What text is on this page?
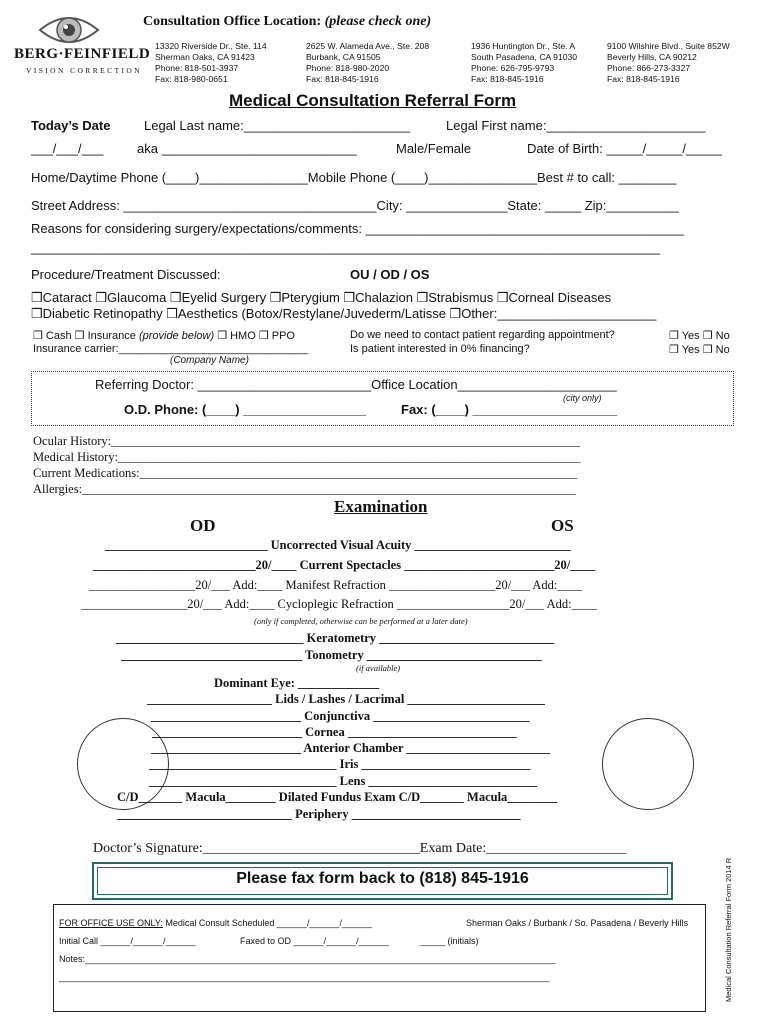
BERG·FEINFIELD
VISION CORRECTION
Consultation Office Location: (please check one)
13320 Riverside Dr., Ste. 114
Sherman Oaks, CA 91423
Phone: 818-501-3937
Fax: 818-980-0651
2625 W. Alameda Ave., Ste. 208
Burbank, CA 91505
Phone: 818-980-2020
Fax: 818-845-1916
1936 Huntington Dr., Ste. A
South Pasadena, CA 91030
Phone: 626-795-9793
Fax: 818-845-1916
9100 Wilshire Blvd., Suite 852W
Beverly Hills, CA 90212
Phone: 866-273-3327
Fax: 818-845-1916
Medical Consultation Referral Form
Today’s Date	Legal Last name:_______________________	Legal First name:______________________
___/___/___	aka ___________________________	Male/Female	Date of Birth: _____/_____/_____
Home/Daytime Phone (____)_______________Mobile Phone (____)_______________Best # to call: ________
Street Address: ___________________________________City: ______________State: _____ Zip:__________
Reasons for considering surgery/expectations/comments: ____________________________________________
_______________________________________________________________________________________
Procedure/Treatment Discussed:	OU / OD / OS
❒Cataract ❒Glaucoma ❒Eyelid Surgery ❒Pterygium ❒Chalazion ❒Strabismus ❒Corneal Diseases
❒Diabetic Retinopathy ❒Aesthetics (Botox/Restylane/Juvederm/Latisse ❒Other:______________________
❒ Cash ❒ Insurance (provide below) ❒ HMO ❒ PPO
Insurance carrier:_______________________________
(Company Name)
Do we need to contact patient regarding appointment?
Is patient interested in 0% financing?
❒ Yes ❒ No
❒ Yes ❒ No
Referring Doctor: ________________________Office Location______________________
(city only)
O.D. Phone: (____) _________________	Fax: (____) ____________________
Ocular History:___________________________________________________________________________
Medical History:__________________________________________________________________________
Current Medications:______________________________________________________________________
Allergies:_______________________________________________________________________________
Examination
OD	OS
__________________________ Uncorrected Visual Acuity _________________________
__________________________20/____ Current Spectacles ________________________20/____
_________________20/___ Add:____ Manifest Refraction _________________20/___ Add:____
_________________20/___ Add:____ Cycloplegic Refraction __________________20/___ Add:____
(only if completed, otherwise can be performed at a later date)
______________________________ Keratometry ____________________________
_____________________________ Tonometry ____________________________
(if available)
Dominant Eye: _____________
____________________ Lids / Lashes / Lacrimal ______________________
________________________ Conjunctiva _________________________
________________________ Cornea ___________________________
________________________ Anterior Chamber _______________________
______________________________ Iris ___________________________
______________________________ Lens ___________________________
C/D_______ Macula________ Dilated Fundus Exam C/D_______ Macula________
____________________________ Periphery ___________________________
Doctor’s Signature:_______________________________Exam Date:____________________
Please fax form back to (818) 845-1916
FOR OFFICE USE ONLY: Medical Consult Scheduled ______/______/______	Sherman Oaks / Burbank / So. Pasadena / Beverly Hills
Initial Call ______/______/______	Faxed to OD ______/______/______	_____ (initials)
Notes:______________________________________________________________________________________________
__________________________________________________________________________________________________	Medical Consultation Referral Form 2014 R
